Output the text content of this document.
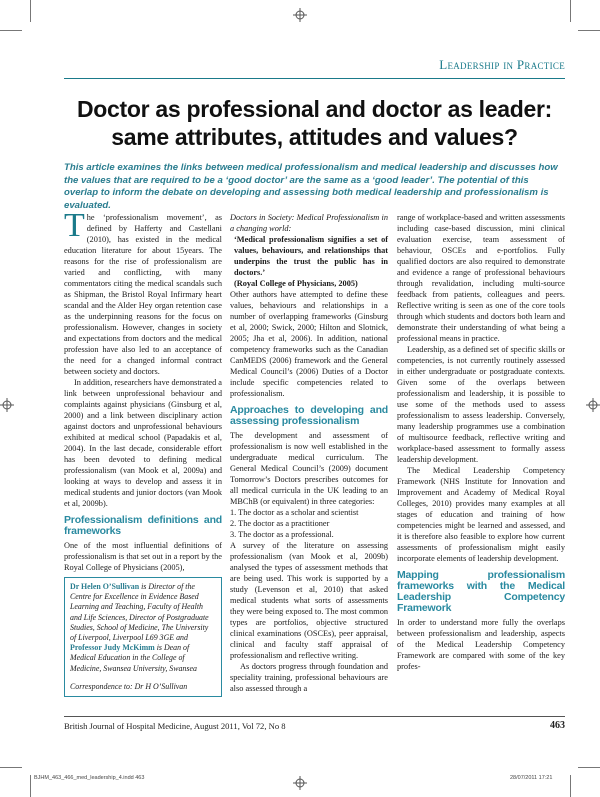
Leadership in Practice
Doctor as professional and doctor as leader:
same attributes, attitudes and values?
This article examines the links between medical professionalism and medical leadership and discusses how the values that are required to be a ‘good doctor’ are the same as a ‘good leader’. The potential of this overlap to inform the debate on developing and assessing both medical leadership and professionalism is evaluated.

The ‘professionalism movement’, as defined by Hafferty and Castellani (2010), has existed in the medical education literature for about 15years. The reasons for the rise of professionalism are varied and conflicting, with many commentators citing the medical scandals such as Shipman, the Bristol Royal Infirmary heart scandal and the Alder Hey organ retention case as the underpinning reasons for the focus on professionalism. However, changes in society and expectations from doctors and the medical profession have also led to an acceptance of the need for a changed informal contract between society and doctors.

In addition, researchers have demonstrated a link between unprofessional behaviour and complaints against physicians (Ginsburg et al, 2000) and a link between disciplinary action against doctors and unprofessional behaviours exhibited at medical school (Papadakis et al, 2004). In the last decade, considerable effort has been devoted to defining medical professionalism (van Mook et al, 2009a) and looking at ways to develop and assess it in medical students and junior doctors (van Mook et al, 2009b).

Professionalism definitions and frameworks

One of the most influential definitions of professionalism is that set out in a report by the Royal College of Physicians (2005),

Dr Helen O’Sullivan is Director of the Centre for Excellence in Evidence Based Learning and Teaching, Faculty of Health and Life Sciences, Director of Postgraduate Studies, School of Medicine, The University of Liverpool, Liverpool L69 3GE and Professor Judy McKimm is Dean of Medical Education in the College of Medicine, Swansea University, Swansea
Correspondence to: Dr H O’Sullivan

Doctors in Society: Medical Professionalism in a changing world:

‘Medical professionalism signifies a set of values, behaviours, and relationships that underpins the trust the public has in doctors.’

(Royal College of Physicians, 2005)

Other authors have attempted to define these values, behaviours and relationships in a number of overlapping frameworks (Ginsburg et al, 2000; Swick, 2000; Hilton and Slotnick, 2005; Jha et al, 2006). In addition, national competency frameworks such as the Canadian CanMEDS (2006) framework and the General Medical Council’s (2006) Duties of a Doctor include specific competencies related to professionalism.

Approaches to developing and assessing professionalism

The development and assessment of professionalism is now well established in the undergraduate medical curriculum. The General Medical Council’s (2009) document Tomorrow’s Doctors prescribes outcomes for all medical curricula in the UK leading to an MBChB (or equivalent) in three categories:

1. The doctor as a scholar and scientist
2. The doctor as a practitioner
3. The doctor as a professional.

A survey of the literature on assessing professionalism (van Mook et al, 2009b) analysed the types of assessment methods that are being used. This work is supported by a study (Levenson et al, 2010) that asked medical students what sorts of assessments they were being exposed to. The most common types are portfolios, objective structured clinical examinations (OSCEs), peer appraisal, clinical and faculty staff appraisal of professionalism and reflective writing.

As doctors progress through foundation and speciality training, professional behaviours are also assessed through a

range of workplace-based and written assessments including case-based discussion, mini clinical evaluation exercise, team assessment of behaviour, OSCEs and e-portfolios. Fully qualified doctors are also required to demonstrate and evidence a range of professional behaviours through revalidation, including multi-source feedback from patients, colleagues and peers. Reflective writing is seen as one of the core tools through which students and doctors both learn and demonstrate their understanding of what being a professional means in practice.

Leadership, as a defined set of specific skills or competencies, is not currently routinely assessed in either undergraduate or postgraduate contexts. Given some of the overlaps between professionalism and leadership, it is possible to use some of the methods used to assess professionalism to assess leadership. Conversely, many leadership programmes use a combination of multisource feedback, reflective writing and workplace-based assessment to formally assess leadership development.

The Medical Leadership Competency Framework (NHS Institute for Innovation and Improvement and Academy of Medical Royal Colleges, 2010) provides many examples at all stages of education and training of how competencies might be learned and assessed, and it is therefore also feasible to explore how current assessments of professionalism might easily incorporate elements of leadership development.

Mapping professionalism frameworks with the Medical Leadership Competency Framework

In order to understand more fully the overlaps between professionalism and leadership, aspects of the Medical Leadership Competency Framework are compared with some of the key profes-

British Journal of Hospital Medicine, August 2011, Vol 72, No 8	463
BJHM_463_466_med_leadership_4.indd 463	28/07/2011 17:21
